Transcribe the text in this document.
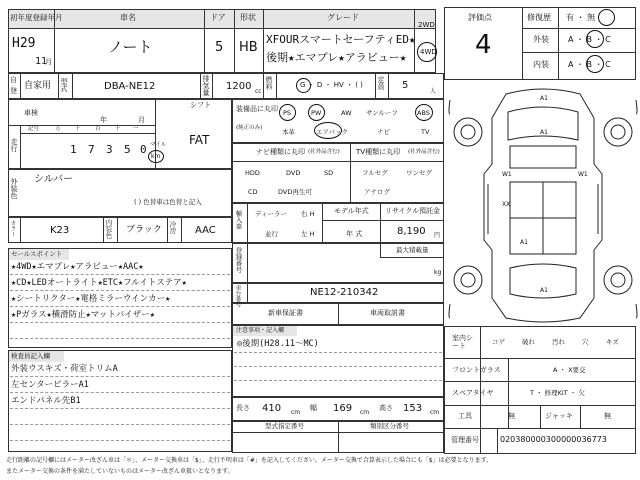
初年度登録年月	車名	ドア 形状	グレード
2WD
H29
11
月
ノート	5 HB
XFOURスマートセーフティED★
後期★エマブレ★アラビュー★ 4WD
評価点
4
修復歴 有 ・ 無
外装 A ・ B ・ C
内装 A ・ B ・ C
自
登 自家用 型式	DBA-NE12	排気量 1200 cc
燃料	G ・ D ・ HV ・ ( ) 定員 5
人
車検
年	月
シフト
FAT
走行
記号	万	千	百	十 一
1 7 3 5 0 マイル
km
外装色 シルバー
( ) 色替車は色替と記入
カラー	K23	内装色 ブラック 冷房 AAC
セールスポイント
★4WD★エマブレ★アラビュー★AAC★
★CD★LEDオートライト★ETC★フルイトステア★
★シートリクター★電格ミラーウインカー★
★Pガラス★横滑防止★マットバイザー★
検査員記入欄
外装ウスキズ・荷室トリムA
左センターピラーA1
エンドパネル先B1
装備品に丸印
(純正のみ)
PS	PW	AW サンルーフ	ABS
本革	エアバック	ナビ	TV
ナビ種類に丸印 (社外品含む)
HDD	DVD	SD
CD	DVD再生可
TV種類に丸印 (社外品含む)
フルセグ	ワンセグ
アナログ
輸入車 ディーラー
並行
右 H
左 H
モデル年式
年 式
リサイクル預託金
8,190 円
登録番号	最大積載量
kg
車台番号	NE12-210342
新車保証書	車両取説書
注意事項・記入欄
◎後期(H28.11～MC)
長さ 410 cm
幅 169 cm
高さ 153 cm
型式指定番号	類別区分番号
A1
A1
W1	W1
XX
A1
A1
室内シート
コゲ	破れ	汚れ	穴	キズ
フロントガラス	A ・ X要交
スペアタイヤ	T ・ 修理KIT ・ 欠
工具	無	ジャッキ	無
管理番号	020380000300000036773
走行距離の記号欄にはメーター改ざん車は「＊」、メーター交換車は「$」、走行不明車は「#」を記入してください。メーター交換で合算表示した場合にも「$」は必要となります。
またメーター交換の条件を満たしていないものはメーター改ざん車扱いとなります。
